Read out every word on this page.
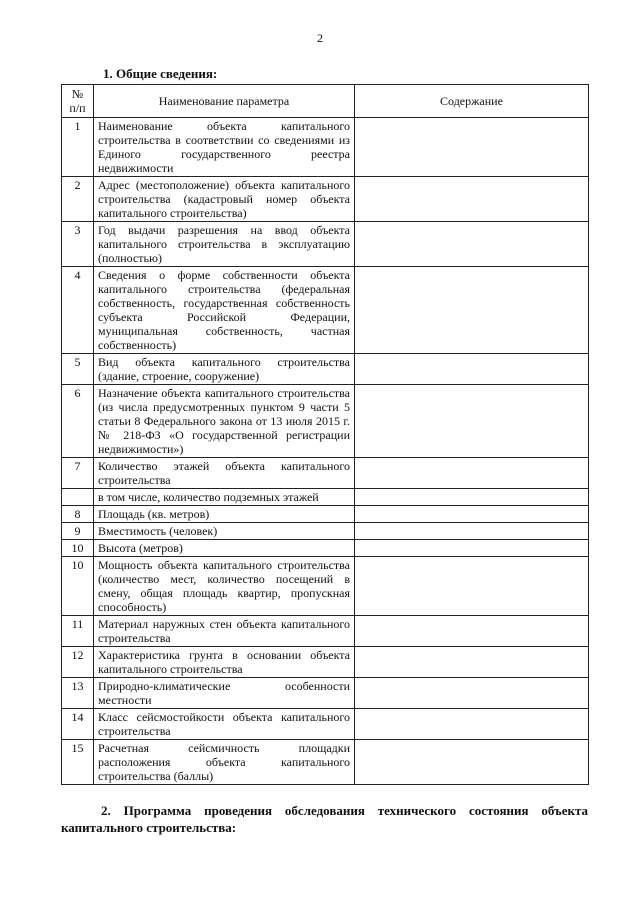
2
1. Общие сведения:
№ п/п	Наименование параметра	Содержание
1	Наименование объекта капитального строительства в соответствии со сведениями из Единого государственного реестра недвижимости	
2	Адрес (местоположение) объекта капитального строительства (кадастровый номер объекта капитального строительства)	
3	Год выдачи разрешения на ввод объекта капитального строительства в эксплуатацию (полностью)	
4	Сведения о форме собственности объекта капитального строительства (федеральная собственность, государственная собственность субъекта Российской Федерации, муниципальная собственность, частная собственность)	
5	Вид объекта капитального строительства (здание, строение, сооружение)	
6	Назначение объекта капитального строительства (из числа предусмотренных пунктом 9 части 5 статьи 8 Федерального закона от 13 июля 2015 г. № 218-ФЗ «О государственной регистрации недвижимости»)	
7	Количество этажей объекта капитального строительства	
	в том числе, количество подземных этажей	
8	Площадь (кв. метров)	
9	Вместимость (человек)	
10	Высота (метров)	
10	Мощность объекта капитального строительства (количество мест, количество посещений в смену, общая площадь квартир, пропускная способность)	
11	Материал наружных стен объекта капитального строительства	
12	Характеристика грунта в основании объекта капитального строительства	
13	Природно-климатические особенности местности	
14	Класс сейсмостойкости объекта капитального строительства	
15	Расчетная сейсмичность площадки расположения объекта капитального строительства (баллы)	
2. Программа проведения обследования технического состояния объекта капитального строительства:
